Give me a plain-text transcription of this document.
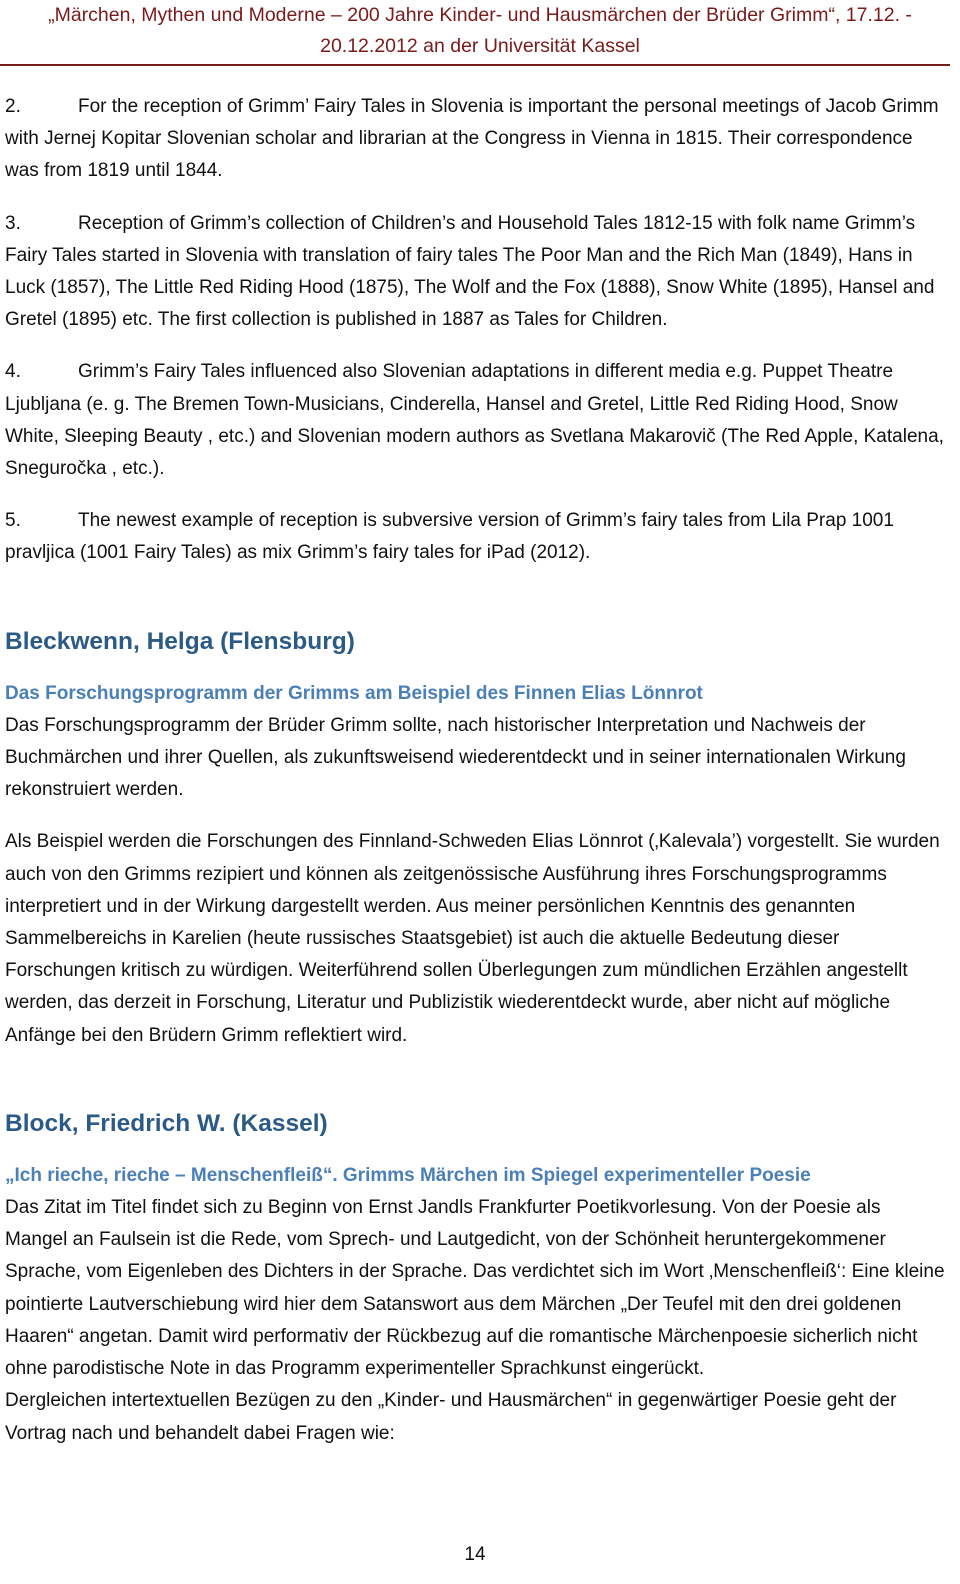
„Märchen, Mythen und Moderne – 200 Jahre Kinder- und Hausmärchen der Brüder Grimm“, 17.12. -
20.12.2012 an der Universität Kassel

2.	For the reception of Grimm’ Fairy Tales in Slovenia is important the personal meetings of Jacob Grimm with Jernej Kopitar Slovenian scholar and librarian at the Congress in Vienna in 1815. Their correspondence was from 1819 until 1844.

3.	Reception of Grimm’s collection of Children’s and Household Tales 1812-15 with folk name Grimm’s Fairy Tales started in Slovenia with translation of fairy tales The Poor Man and the Rich Man (1849), Hans in Luck (1857), The Little Red Riding Hood (1875), The Wolf and the Fox (1888), Snow White (1895), Hansel and Gretel (1895) etc. The first collection is published in 1887 as Tales for Children.

4.	Grimm’s Fairy Tales influenced also Slovenian adaptations in different media e.g. Puppet Theatre Ljubljana (e. g. The Bremen Town-Musicians, Cinderella, Hansel and Gretel, Little Red Riding Hood, Snow White, Sleeping Beauty , etc.) and Slovenian modern authors as Svetlana Makarovič (The Red Apple, Katalena, Sneguročka , etc.).

5.	The newest example of reception is subversive version of Grimm’s fairy tales from Lila Prap 1001 pravljica (1001 Fairy Tales) as mix Grimm’s fairy tales for iPad (2012).

Bleckwenn, Helga (Flensburg)

Das Forschungsprogramm der Grimms am Beispiel des Finnen Elias Lönnrot

Das Forschungsprogramm der Brüder Grimm sollte, nach historischer Interpretation und Nachweis der Buchmärchen und ihrer Quellen, als zukunftsweisend wiederentdeckt und in seiner internationalen Wirkung rekonstruiert werden.

Als Beispiel werden die Forschungen des Finnland-Schweden Elias Lönnrot (‚Kalevala’) vorgestellt. Sie wurden auch von den Grimms rezipiert und können als zeitgenössische Ausführung ihres Forschungsprogramms interpretiert und in der Wirkung dargestellt werden. Aus meiner persönlichen Kenntnis des genannten Sammelbereichs in Karelien (heute russisches Staatsgebiet) ist auch die aktuelle Bedeutung dieser Forschungen kritisch zu würdigen. Weiterführend sollen Überlegungen zum mündlichen Erzählen angestellt werden, das derzeit in Forschung, Literatur und Publizistik wiederentdeckt wurde, aber nicht auf mögliche Anfänge bei den Brüdern Grimm reflektiert wird.

Block, Friedrich W. (Kassel)

„Ich rieche, rieche – Menschenfleiß“. Grimms Märchen im Spiegel experimenteller Poesie

Das Zitat im Titel findet sich zu Beginn von Ernst Jandls Frankfurter Poetikvorlesung. Von der Poesie als Mangel an Faulsein ist die Rede, vom Sprech- und Lautgedicht, von der Schönheit heruntergekommener Sprache, vom Eigenleben des Dichters in der Sprache. Das verdichtet sich im Wort ‚Menschenfleiß‘: Eine kleine pointierte Lautverschiebung wird hier dem Satanswort aus dem Märchen „Der Teufel mit den drei goldenen Haaren“ angetan. Damit wird performativ der Rückbezug auf die romantische Märchenpoesie sicherlich nicht ohne parodistische Note in das Programm experimenteller Sprachkunst eingerückt.

Dergleichen intertextuellen Bezügen zu den „Kinder- und Hausmärchen“ in gegenwärtiger Poesie geht der Vortrag nach und behandelt dabei Fragen wie:

14
